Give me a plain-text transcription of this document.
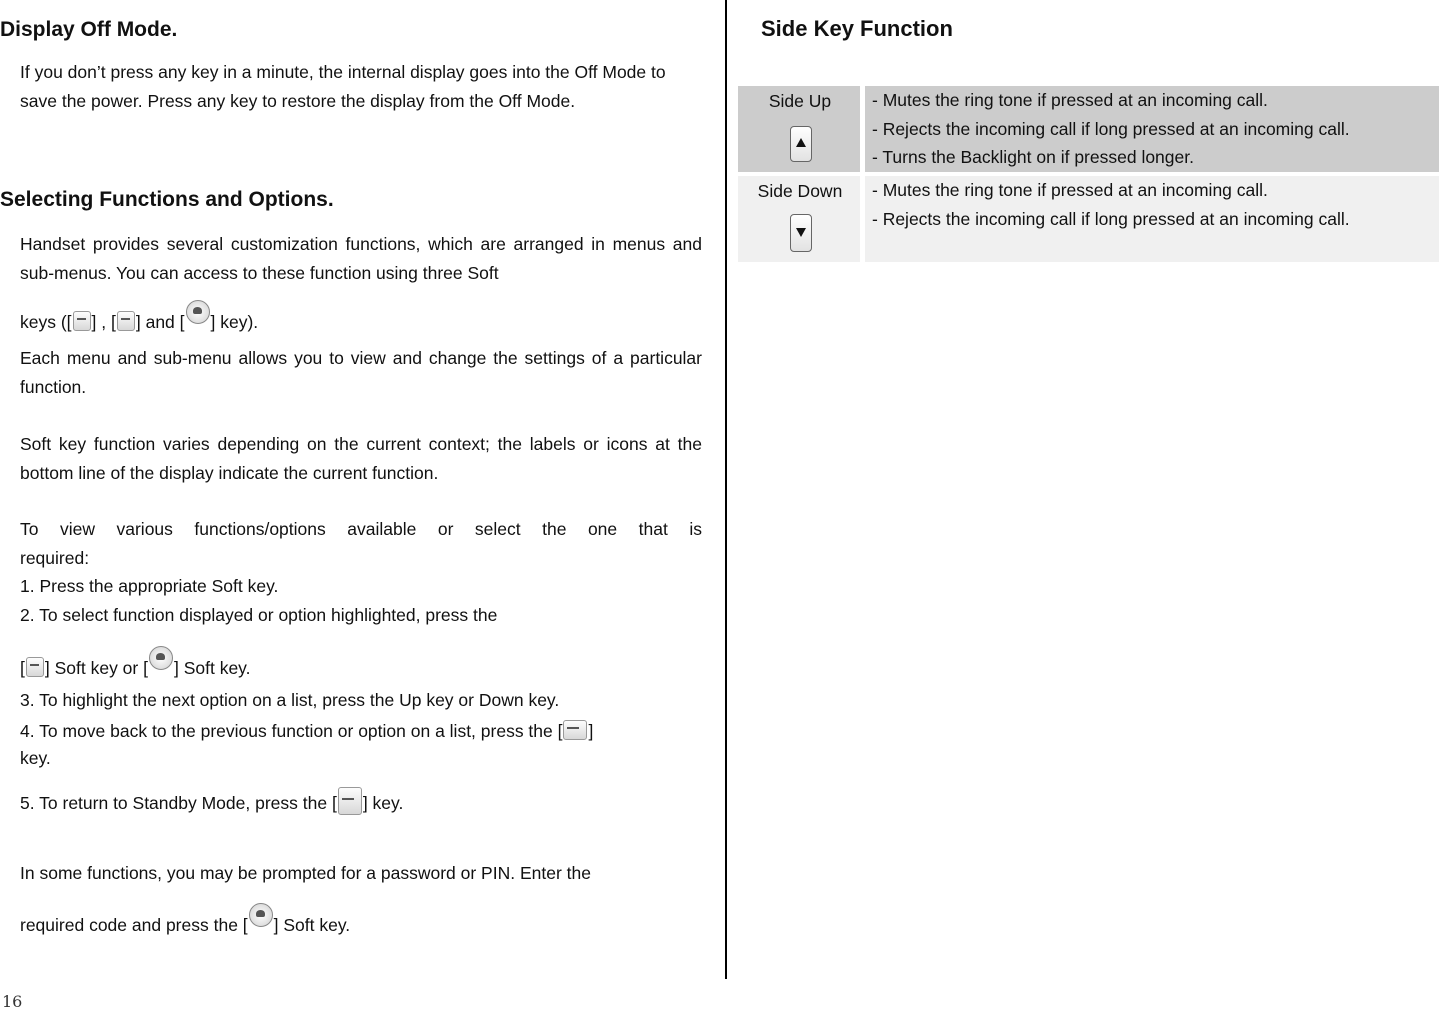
Display Off Mode.

If you don’t press any key in a minute, the internal display goes into the Off Mode to save the power. Press any key to restore the display from the Off Mode.

Selecting Functions and Options.

Handset provides several customization functions, which are arranged in menus and sub-menus. You can access to these function using three Soft

keys ([ ] , [ ] and [ ] key).

Each menu and sub-menu allows you to view and change the settings of a particular function.

Soft key function varies depending on the current context; the labels or icons at the bottom line of the display indicate the current function.

To view various functions/options available or select the one that is required:

1. Press the appropriate Soft key.
2. To select function displayed or option highlighted, press the
[ ] Soft key or [ ] Soft key.
3. To highlight the next option on a list, press the Up key or Down key.
4. To move back to the previous function or option on a list, press the [ ]
key.
5. To return to Standby Mode, press the [ ] key.
In some functions, you may be prompted for a password or PIN. Enter the
required code and press the [ ] Soft key.
16
Side Key Function
Side Up	- Mutes the ring tone if pressed at an incoming call.
- Rejects the incoming call if long pressed at an incoming call.
- Turns the Backlight on if pressed longer.
Side Down	- Mutes the ring tone if pressed at an incoming call.
- Rejects the incoming call if long pressed at an incoming call.
